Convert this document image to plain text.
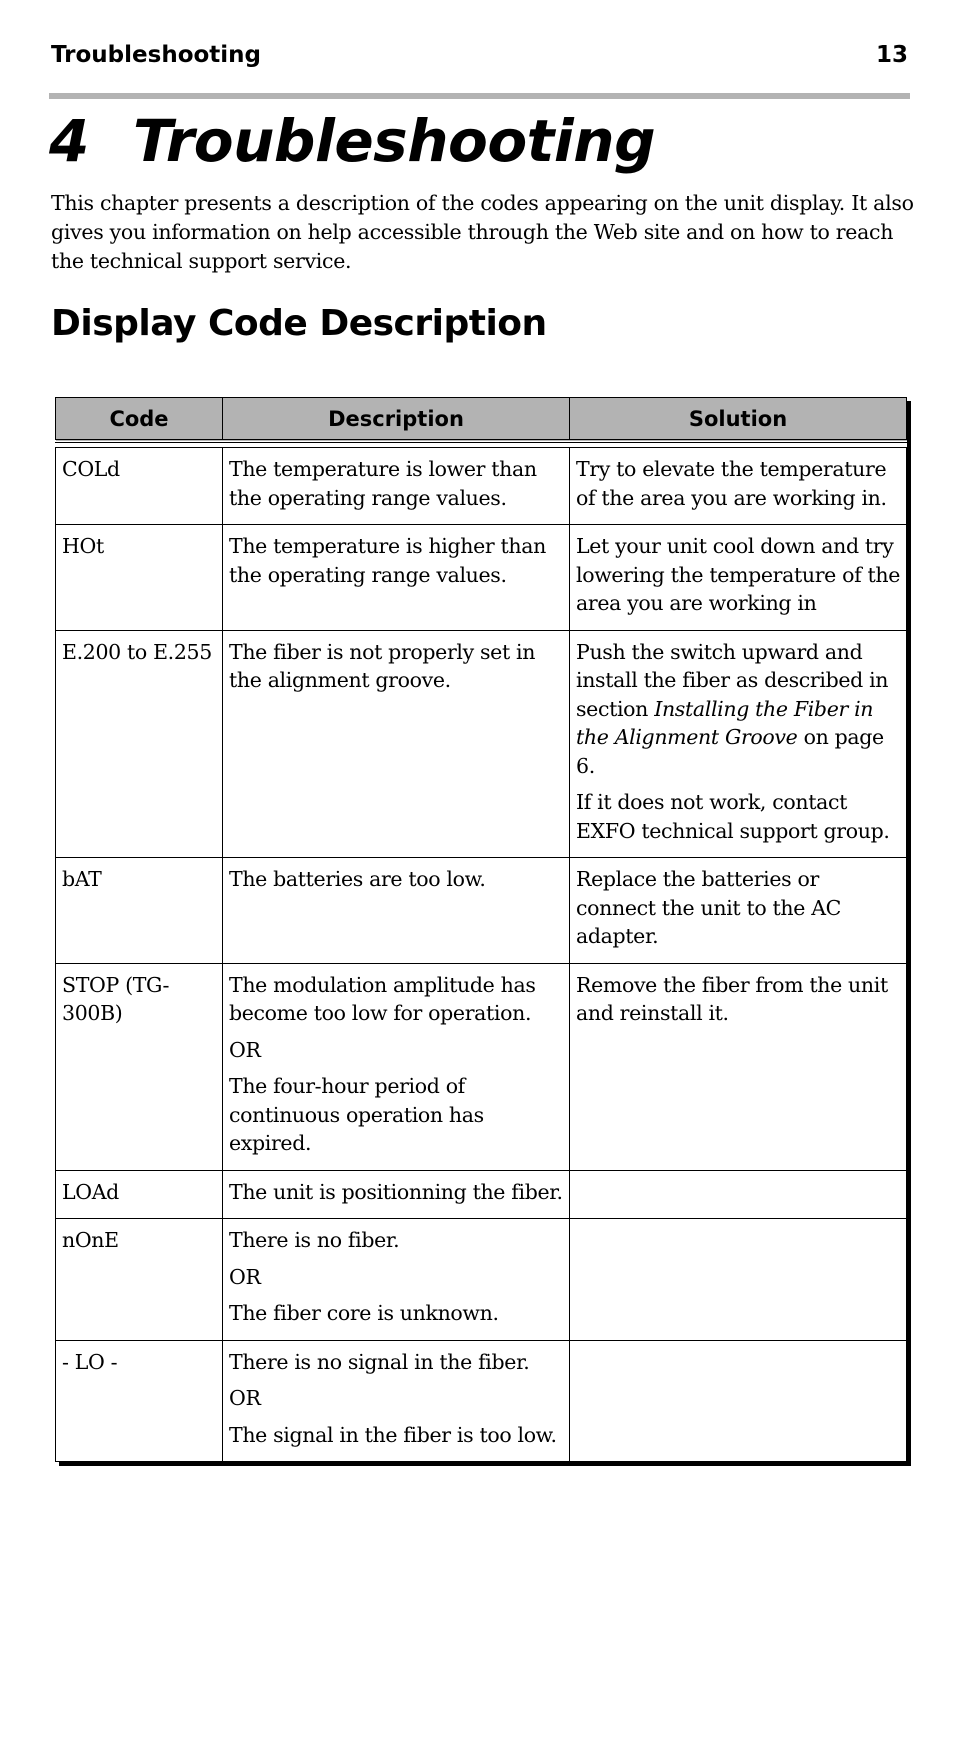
Troubleshooting	13
4 Troubleshooting

This chapter presents a description of the codes appearing on the unit display. It also gives you information on help accessible through the Web site and on how to reach the technical support service.

Display Code Description
Code	Description	Solution

COLd	The temperature is lower than the operating range values.	Try to elevate the temperature of the area you are working in.

HOt	The temperature is higher than the operating range values.	Let your unit cool down and try lowering the temperature of the area you are working in

E.200 to E.255	The fiber is not properly set in the alignment groove.	Push the switch upward and install the fiber as described in section Installing the Fiber in the Alignment Groove on page 6.
If it does not work, contact EXFO technical support group.

bAT	The batteries are too low.	Replace the batteries or connect the unit to the AC adapter.

STOP (TG-300B)	The modulation amplitude has become too low for operation.
OR
The four-hour period of continuous operation has expired.	Remove the fiber from the unit and reinstall it.

LOAd	The unit is positionning the fiber.	

nOnE	There is no fiber.
OR
The fiber core is unknown.	

- LO -	There is no signal in the fiber.
OR
The signal in the fiber is too low.	
